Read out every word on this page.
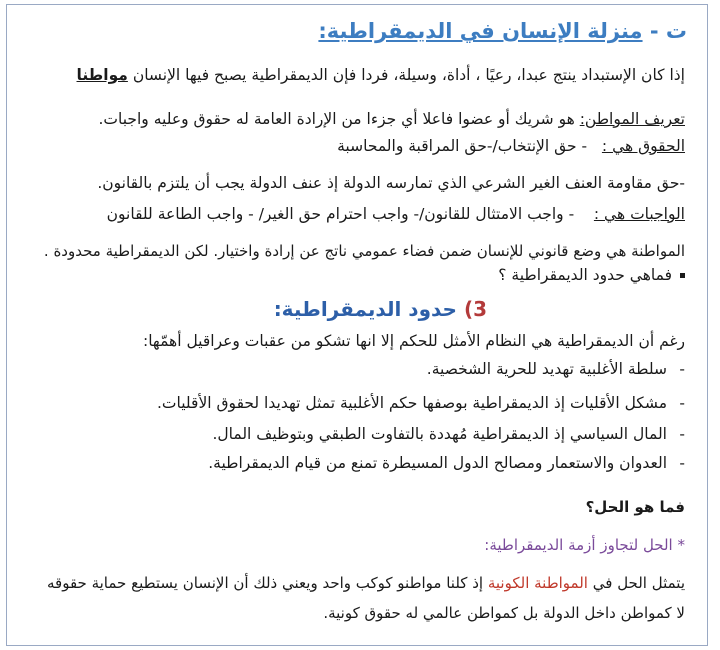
ت - منزلة الإنسان في الديمقراطية:
إذا كان الإستبداد ينتج عبدا، رعيًا ، أداة، وسيلة، فردا فإن الديمقراطية يصبح فيها الإنسان مواطنا
تعريف المواطن: هو شريك أو عضوا فاعلا أي جزءا من الإرادة العامة له حقوق وعليه واجبات.
الحقوق هي :   - حق الإنتخاب/-حق المراقبة والمحاسبة
-حق مقاومة العنف الغير الشرعي الذي تمارسه الدولة إذ عنف الدولة يجب أن يلتزم بالقانون.
الواجبات هي :    - واجب الامتثال للقانون/- واجب احترام حق الغير/ - واجب الطاعة للقانون
المواطنة هي وضع قانوني للإنسان ضمن فضاء عمومي ناتج عن إرادة واختيار. لكن الديمقراطية محدودة .
فماهي حدود الديمقراطية ؟
3) حدود الديمقراطية:
رغم أن الديمقراطية هي النظام الأمثل للحكم إلا انها تشكو من عقبات وعراقيل أهمّها:
-سلطة الأغلبية تهديد للحرية الشخصية.
-مشكل الأقليات إذ الديمقراطية بوصفها حكم الأغلبية تمثل تهديدا لحقوق الأقليات.
-المال السياسي إذ الديمقراطية مُهددة بالتفاوت الطبقي وبتوظيف المال.
-العدوان والاستعمار ومصالح الدول المسيطرة تمنع من قيام الديمقراطية.
فما هو الحل؟
* الحل لتجاوز أزمة الديمقراطية:
يتمثل الحل في المواطنة الكونية إذ كلنا مواطنو كوكب واحد ويعني ذلك أن الإنسان يستطيع حماية حقوقه
لا كمواطن داخل الدولة بل كمواطن عالمي له حقوق كونية.
